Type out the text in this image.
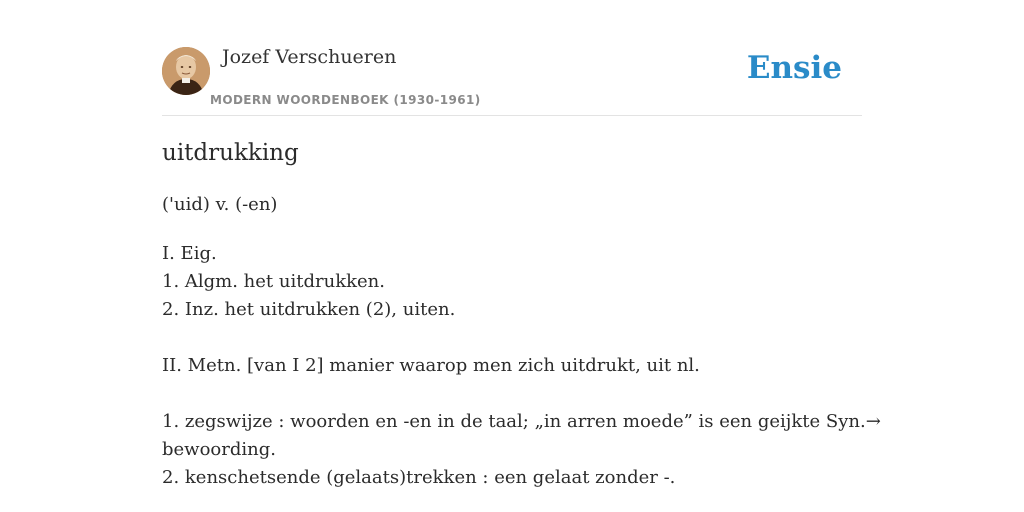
Jozef Verschueren
MODERN WOORDENBOEK (1930-1961)
Ensie
uitdrukking
('uid) v. (-en)
I. Eig.
1. Algm. het uitdrukken.
2. Inz. het uitdrukken (2), uiten.
II. Metn. [van I 2] manier waarop men zich uitdrukt, uit nl.
1. zegswijze : woorden en -en in de taal; „in arren moede” is een geijkte Syn.→
bewoording.
2. kenschetsende (gelaats)trekken : een gelaat zonder -.
